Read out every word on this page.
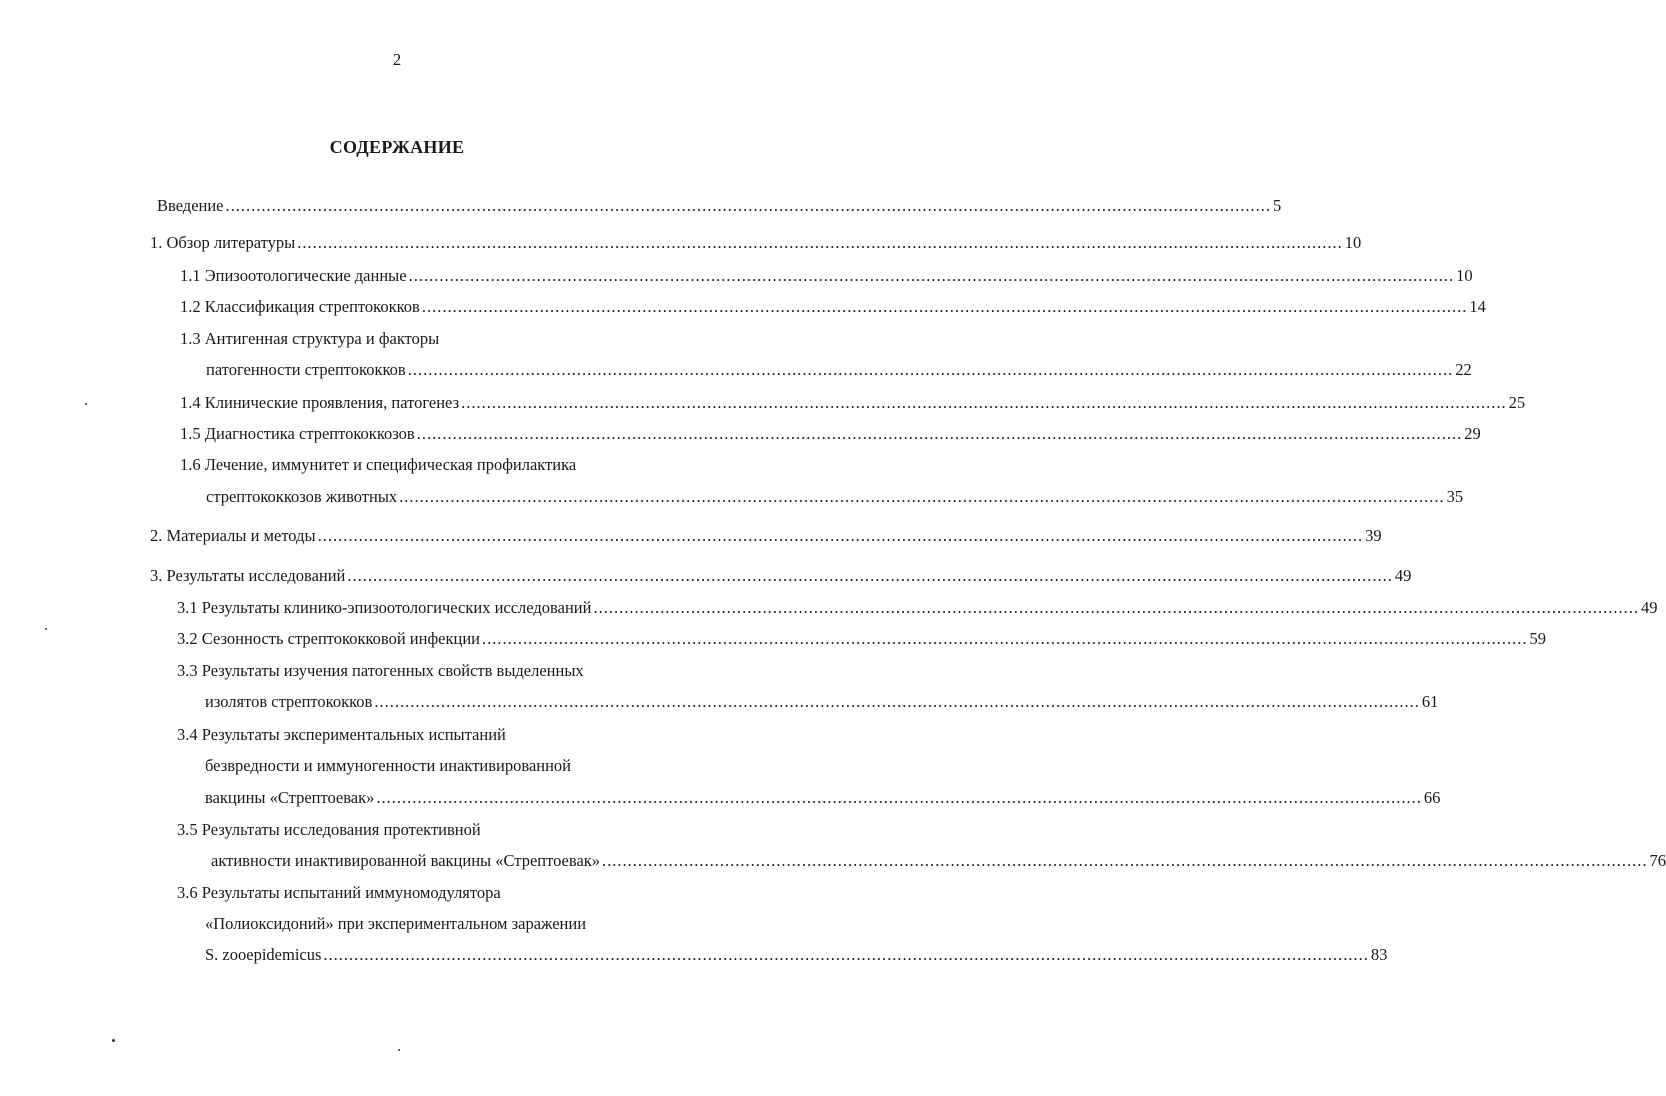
2
СОДЕРЖАНИЕ
Введение ............................................................................................................................................................................................................ 5
1. Обзор литературы ............................................................................................................................................................................................................ 10
1.1 Эпизоотологические данные ............................................................................................................................................................................................................ 10
1.2 Классификация стрептококков ............................................................................................................................................................................................................ 14
1.3 Антигенная структура и факторы
патогенности стрептококков ............................................................................................................................................................................................................ 22
1.4 Клинические проявления, патогенез ............................................................................................................................................................................................................ 25
1.5 Диагностика стрептококкозов ............................................................................................................................................................................................................ 29
1.6 Лечение, иммунитет и специфическая профилактика
стрептококкозов животных ............................................................................................................................................................................................................ 35
2. Материалы и методы ............................................................................................................................................................................................................ 39
3. Результаты исследований ............................................................................................................................................................................................................ 49
3.1 Результаты клинико-эпизоотологических исследований ............................................................................................................................................................................................................ 49
3.2 Сезонность стрептококковой инфекции ............................................................................................................................................................................................................ 59
3.3 Результаты изучения патогенных свойств выделенных
изолятов стрептококков ............................................................................................................................................................................................................ 61
3.4 Результаты экспериментальных испытаний
безвредности и иммуногенности инактивированной
вакцины «Стрептоевак» ............................................................................................................................................................................................................ 66
3.5 Результаты исследования протективной
активности инактивированной вакцины «Стрептоевак» ............................................................................................................................................................................................................ 76
3.6 Результаты испытаний иммуномодулятора
«Полиоксидоний» при экспериментальном заражении
S. zooepidemicus ............................................................................................................................................................................................................ 83
